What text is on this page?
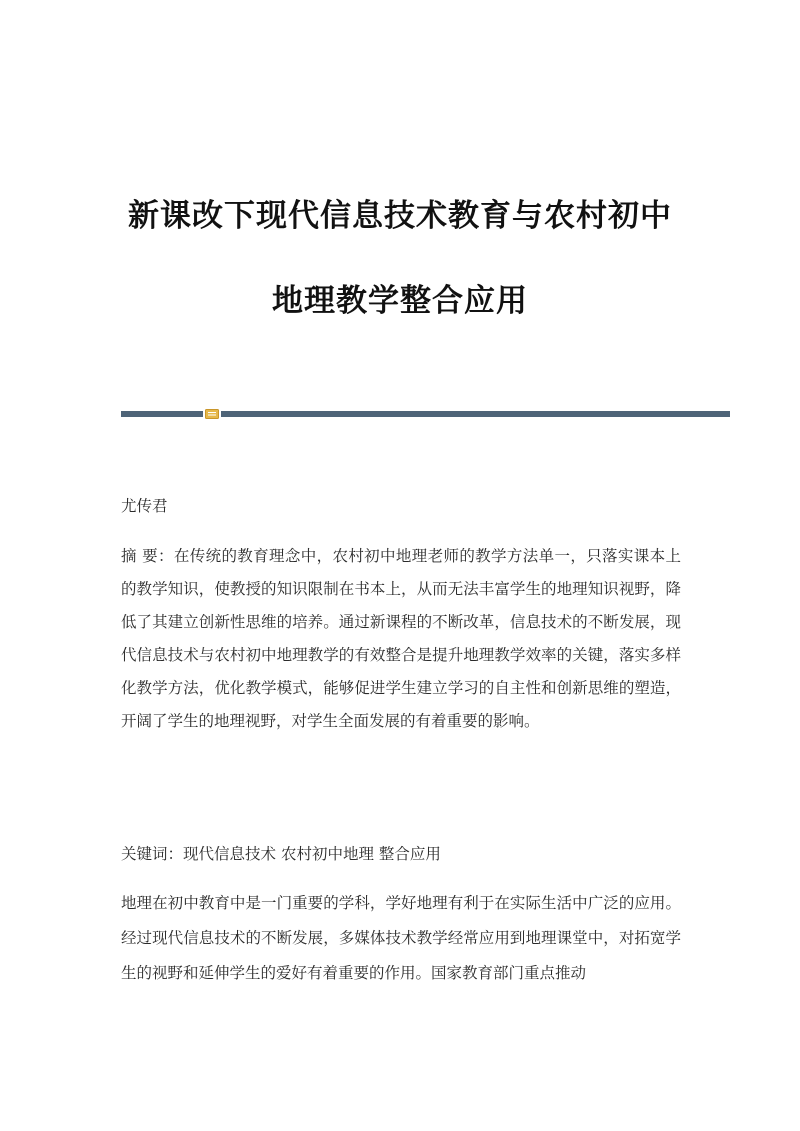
新课改下现代信息技术教育与农村初中
地理教学整合应用

尤传君

摘 要：在传统的教育理念中，农村初中地理老师的教学方法单一，只落实课本上的教学知识，使教授的知识限制在书本上，从而无法丰富学生的地理知识视野，降低了其建立创新性思维的培养。通过新课程的不断改革，信息技术的不断发展，现代信息技术与农村初中地理教学的有效整合是提升地理教学效率的关键，落实多样化教学方法，优化教学模式，能够促进学生建立学习的自主性和创新思维的塑造，开阔了学生的地理视野，对学生全面发展的有着重要的影响。

关键词：现代信息技术 农村初中地理 整合应用

地理在初中教育中是一门重要的学科，学好地理有利于在实际生活中广泛的应用。经过现代信息技术的不断发展，多媒体技术教学经常应用到地理课堂中，对拓宽学生的视野和延伸学生的爱好有着重要的作用。国家教育部门重点推动
